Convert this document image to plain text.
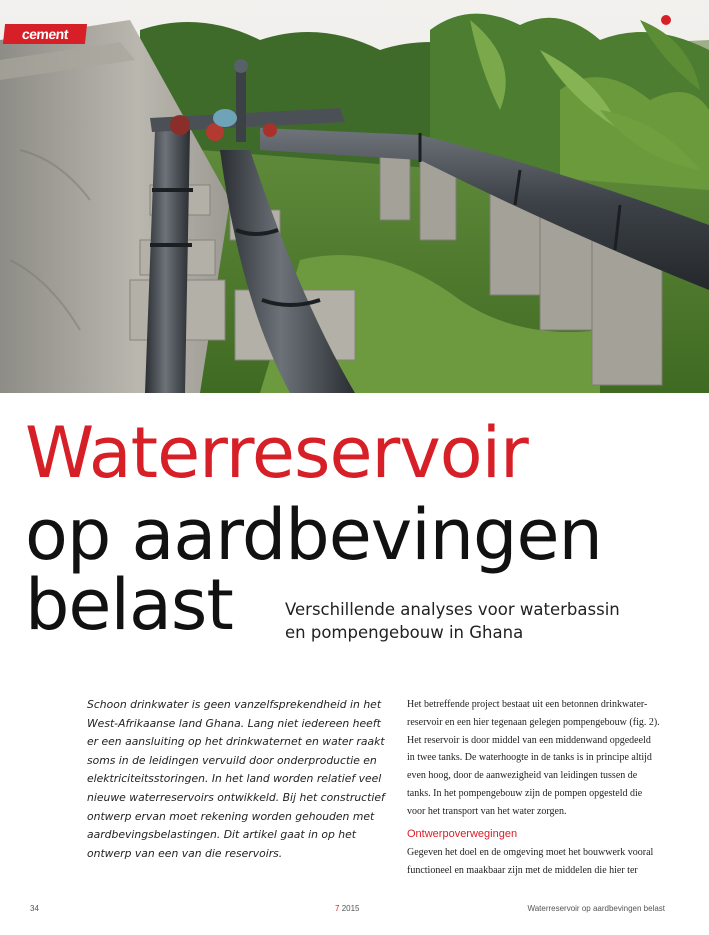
cement
Waterreservoir
op aardbevingen
belast	Verschillende analyses voor waterbassin
en pompengebouw in Ghana
Schoon drinkwater is geen vanzelfsprekendheid in het
West-Afrikaanse land Ghana. Lang niet iedereen heeft
er een aansluiting op het drinkwaternet en water raakt
soms in de leidingen vervuild door onderproductie en
elektriciteitsstoringen. In het land worden relatief veel
nieuwe waterreservoirs ontwikkeld. Bij het constructief
ontwerp ervan moet rekening worden gehouden met
aardbevingsbelastingen. Dit artikel gaat in op het
ontwerp van een van die reservoirs.
Het betreffende project bestaat uit een betonnen drinkwater-
reservoir en een hier tegenaan gelegen pompengebouw (fig. 2).
Het reservoir is door middel van een middenwand opgedeeld
in twee tanks. De waterhoogte in de tanks is in principe altijd
even hoog, door de aanwezigheid van leidingen tussen de
tanks. In het pompengebouw zijn de pompen opgesteld die
voor het transport van het water zorgen.
Ontwerpoverwegingen
Gegeven het doel en de omgeving moet het bouwwerk vooral
functioneel en maakbaar zijn met de middelen die hier ter
34	7 2015	Waterreservoir op aardbevingen belast
